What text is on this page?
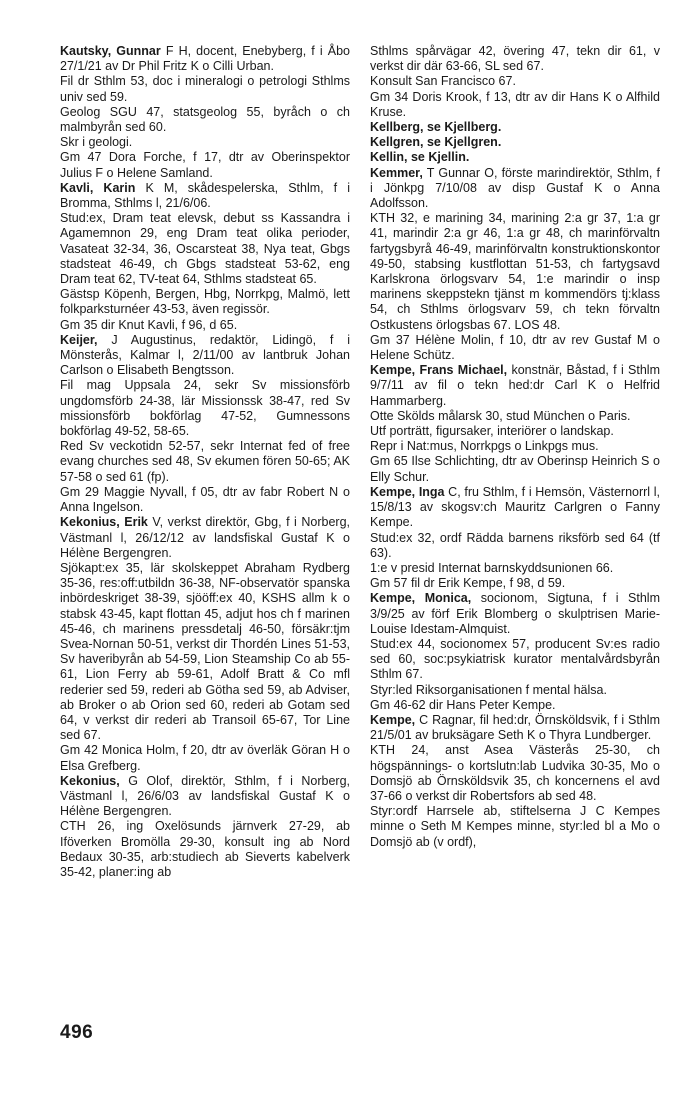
Kautsky, Gunnar F H, docent, Enebyberg, f i Åbo 27/1/21 av Dr Phil Fritz K o Cilli Urban.

Fil dr Sthlm 53, doc i mineralogi o petrologi Sthlms univ sed 59.

Geolog SGU 47, statsgeolog 55, byråch o ch malmbyrån sed 60.

Skr i geologi.

Gm 47 Dora Forche, f 17, dtr av Oberinspektor Julius F o Helene Samland.

Kavli, Karin K M, skådespelerska, Sthlm, f i Bromma, Sthlms l, 21/6/06.

Stud:ex, Dram teat elevsk, debut ss Kassandra i Agamemnon 29, eng Dram teat olika perioder, Vasateat 32-34, 36, Oscarsteat 38, Nya teat, Gbgs stadsteat 46-49, ch Gbgs stadsteat 53-62, eng Dram teat 62, TV-teat 64, Sthlms stadsteat 65.

Gästsp Köpenh, Bergen, Hbg, Norrkpg, Malmö, lett folkparksturnéer 43-53, även regissör.

Gm 35 dir Knut Kavli, f 96, d 65.

Keijer, J Augustinus, redaktör, Lidingö, f i Mönsterås, Kalmar l, 2/11/00 av lantbruk Johan Carlson o Elisabeth Bengtsson.

Fil mag Uppsala 24, sekr Sv missionsförb ungdomsförb 24-38, lär Missionssk 38-47, red Sv missionsförb bokförlag 47-52, Gumnessons bokförlag 49-52, 58-65.

Red Sv veckotidn 52-57, sekr Internat fed of free evang churches sed 48, Sv ekumen fören 50-65; AK 57-58 o sed 61 (fp).

Gm 29 Maggie Nyvall, f 05, dtr av fabr Robert N o Anna Ingelson.

Kekonius, Erik V, verkst direktör, Gbg, f i Norberg, Västmanl l, 26/12/12 av landsfiskal Gustaf K o Hélène Bergengren.

Sjökapt:ex 35, lär skolskeppet Abraham Rydberg 35-36, res:off:utbildn 36-38, NF-observatör spanska inbördeskriget 38-39, sjööff:ex 40, KSHS allm k o stabsk 43-45, kapt flottan 45, adjut hos ch f marinen 45-46, ch marinens pressdetalj 46-50, försäkr:tjm Svea-Nornan 50-51, verkst dir Thordén Lines 51-53, Sv haveribyrån ab 54-59, Lion Steamship Co ab 55-61, Lion Ferry ab 59-61, Adolf Bratt & Co mfl rederier sed 59, rederi ab Götha sed 59, ab Adviser, ab Broker o ab Orion sed 60, rederi ab Gotam sed 64, v verkst dir rederi ab Transoil 65-67, Tor Line sed 67.

Gm 42 Monica Holm, f 20, dtr av överläk Göran H o Elsa Grefberg.

Kekonius, G Olof, direktör, Sthlm, f i Norberg, Västmanl l, 26/6/03 av landsfiskal Gustaf K o Hélène Bergengren.

CTH 26, ing Oxelösunds järnverk 27-29, ab Iföverken Bromölla 29-30, konsult ing ab Nord Bedaux 30-35, arb:studiech ab Sieverts kabelverk 35-42, planer:ing ab

Sthlms spårvägar 42, övering 47, tekn dir 61, v verkst dir där 63-66, SL sed 67.

Konsult San Francisco 67.

Gm 34 Doris Krook, f 13, dtr av dir Hans K o Alfhild Kruse.

Kellberg, se Kjellberg.

Kellgren, se Kjellgren.

Kellin, se Kjellin.

Kemmer, T Gunnar O, förste marindirektör, Sthlm, f i Jönkpg 7/10/08 av disp Gustaf K o Anna Adolfsson.

KTH 32, e marining 34, marining 2:a gr 37, 1:a gr 41, marindir 2:a gr 46, 1:a gr 48, ch marinförvaltn fartygsbyrå 46-49, marinförvaltn konstruktionskontor 49-50, stabsing kustflottan 51-53, ch fartygsavd Karlskrona örlogsvarv 54, 1:e marindir o insp marinens skeppstekn tjänst m kommendörs tj:klass 54, ch Sthlms örlogsvarv 59, ch tekn förvaltn Ostkustens örlogsbas 67. LOS 48.

Gm 37 Hélène Molin, f 10, dtr av rev Gustaf M o Helene Schütz.

Kempe, Frans Michael, konstnär, Båstad, f i Sthlm 9/7/11 av fil o tekn hed:dr Carl K o Helfrid Hammarberg.

Otte Skölds målarsk 30, stud München o Paris.

Utf porträtt, figursaker, interiörer o landskap.

Repr i Nat:mus, Norrkpgs o Linkpgs mus.

Gm 65 Ilse Schlichting, dtr av Oberinsp Heinrich S o Elly Schur.

Kempe, Inga C, fru Sthlm, f i Hemsön, Västernorrl l, 15/8/13 av skogsv:ch Mauritz Carlgren o Fanny Kempe.

Stud:ex 32, ordf Rädda barnens riksförb sed 64 (tf 63).

1:e v presid Internat barnskyddsunionen 66.

Gm 57 fil dr Erik Kempe, f 98, d 59.

Kempe, Monica, socionom, Sigtuna, f i Sthlm 3/9/25 av förf Erik Blomberg o skulptrisen Marie-Louise Idestam-Almquist.

Stud:ex 44, socionomex 57, producent Sv:es radio sed 60, soc:psykiatrisk kurator mentalvårdsbyrån Sthlm 67.

Styr:led Riksorganisationen f mental hälsa.

Gm 46-62 dir Hans Peter Kempe.

Kempe, C Ragnar, fil hed:dr, Örnsköldsvik, f i Sthlm 21/5/01 av bruksägare Seth K o Thyra Lundberger.

KTH 24, anst Asea Västerås 25-30, ch högspännings- o kortslutn:lab Ludvika 30-35, Mo o Domsjö ab Örnsköldsvik 35, ch koncernens el avd 37-66 o verkst dir Robertsfors ab sed 48.

Styr:ordf Harrsele ab, stiftelserna J C Kempes minne o Seth M Kempes minne, styr:led bl a Mo o Domsjö ab (v ordf),

496
